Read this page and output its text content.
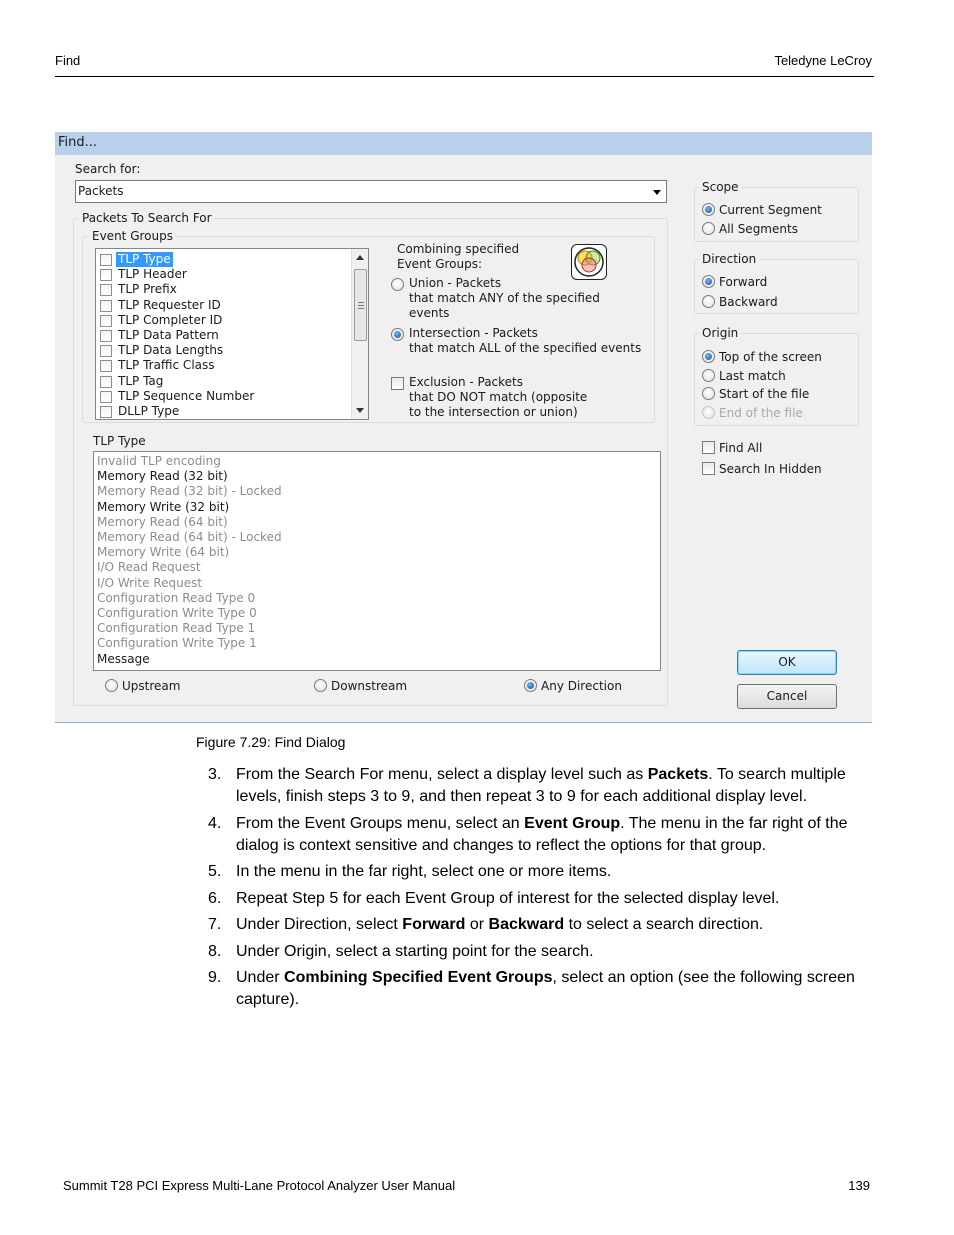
Find	Teledyne LeCroy
Find...
Search for:
Packets
Packets To Search For
Event Groups
TLP Type
TLP Header
TLP Prefix
TLP Requester ID
TLP Completer ID
TLP Data Pattern
TLP Data Lengths
TLP Traffic Class
TLP Tag
TLP Sequence Number
DLLP Type
Combining specified
Event Groups:
Union - Packets
that match ANY of the specified
events
Intersection - Packets
that match ALL of the specified events
Exclusion - Packets
that DO NOT match (opposite
to the intersection or union)
TLP Type
Invalid TLP encoding
Memory Read (32 bit)
Memory Read (32 bit) - Locked
Memory Write (32 bit)
Memory Read (64 bit)
Memory Read (64 bit) - Locked
Memory Write (64 bit)
I/O Read Request
I/O Write Request
Configuration Read Type 0
Configuration Write Type 0
Configuration Read Type 1
Configuration Write Type 1
Message
Upstream	Downstream	Any Direction
Scope
Current Segment
All Segments
Direction
Forward
Backward
Origin
Top of the screen
Last match
Start of the file
End of the file
Find All
Search In Hidden
OK
Cancel
Figure 7.29: Find Dialog
3. From the Search For menu, select a display level such as Packets. To search multiple levels, finish steps 3 to 9, and then repeat 3 to 9 for each additional display level.
4. From the Event Groups menu, select an Event Group. The menu in the far right of the dialog is context sensitive and changes to reflect the options for that group.
5. In the menu in the far right, select one or more items.
6. Repeat Step 5 for each Event Group of interest for the selected display level.
7. Under Direction, select Forward or Backward to select a search direction.
8. Under Origin, select a starting point for the search.
9. Under Combining Specified Event Groups, select an option (see the following screen capture).
Summit T28 PCI Express Multi-Lane Protocol Analyzer User Manual	139
